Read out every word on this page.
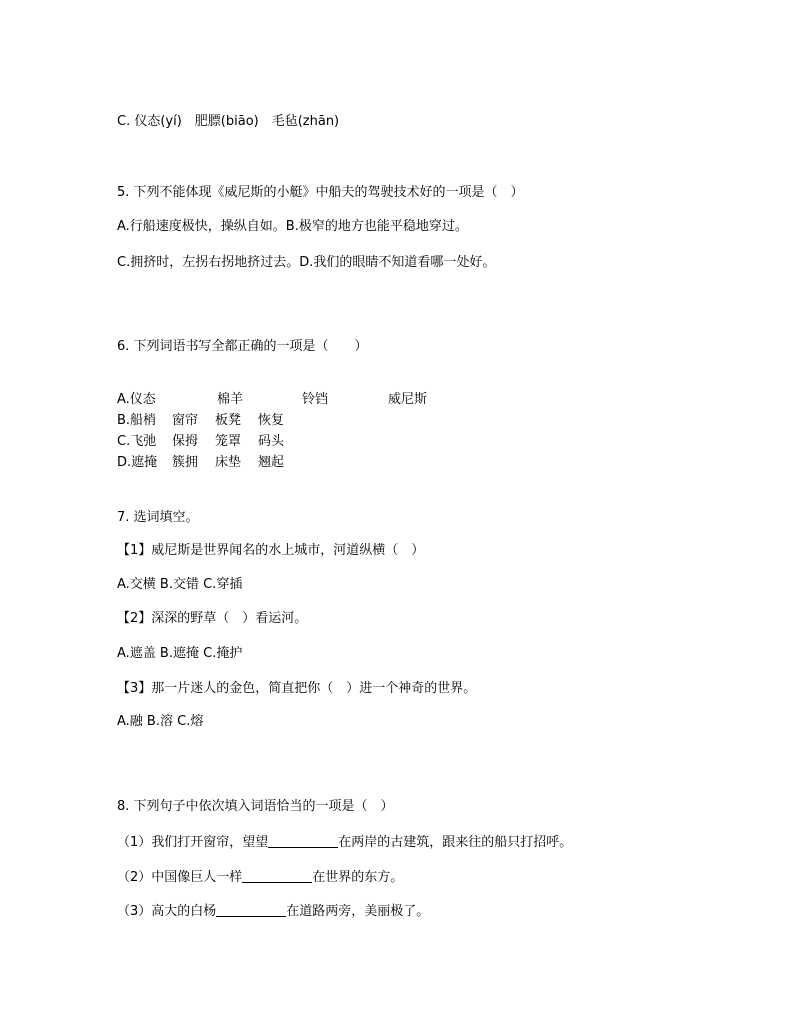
C. 仪态(yí)　肥膘(biāo)　毛毡(zhān)
5. 下列不能体现《威尼斯的小艇》中船夫的驾驶技术好的一项是（　）
A.行船速度极快，操纵自如。B.极窄的地方也能平稳地穿过。
C.拥挤时，左拐右拐地挤过去。D.我们的眼睛不知道看哪一处好。
6. 下列词语书写全都正确的一项是（　　）
A.仪态	棉羊	铃铛	威尼斯
B.船梢 窗帘 板凳 恢复
C.飞弛 保拇 笼罩 码头
D.遮掩 簇拥 床垫 翘起
7. 选词填空。
【1】威尼斯是世界闻名的水上城市，河道纵横（　）
A.交横 B.交错 C.穿插
【2】深深的野草（　）看运河。
A.遮盖 B.遮掩 C.掩护
【3】那一片迷人的金色，简直把你（　）进一个神奇的世界。
A.融 B.溶 C.熔
8. 下列句子中依次填入词语恰当的一项是（　）
（1）我们打开窗帘，望望	在两岸的古建筑，跟来往的船只打招呼。
（2）中国像巨人一样	在世界的东方。
（3）高大的白杨	在道路两旁，美丽极了。
